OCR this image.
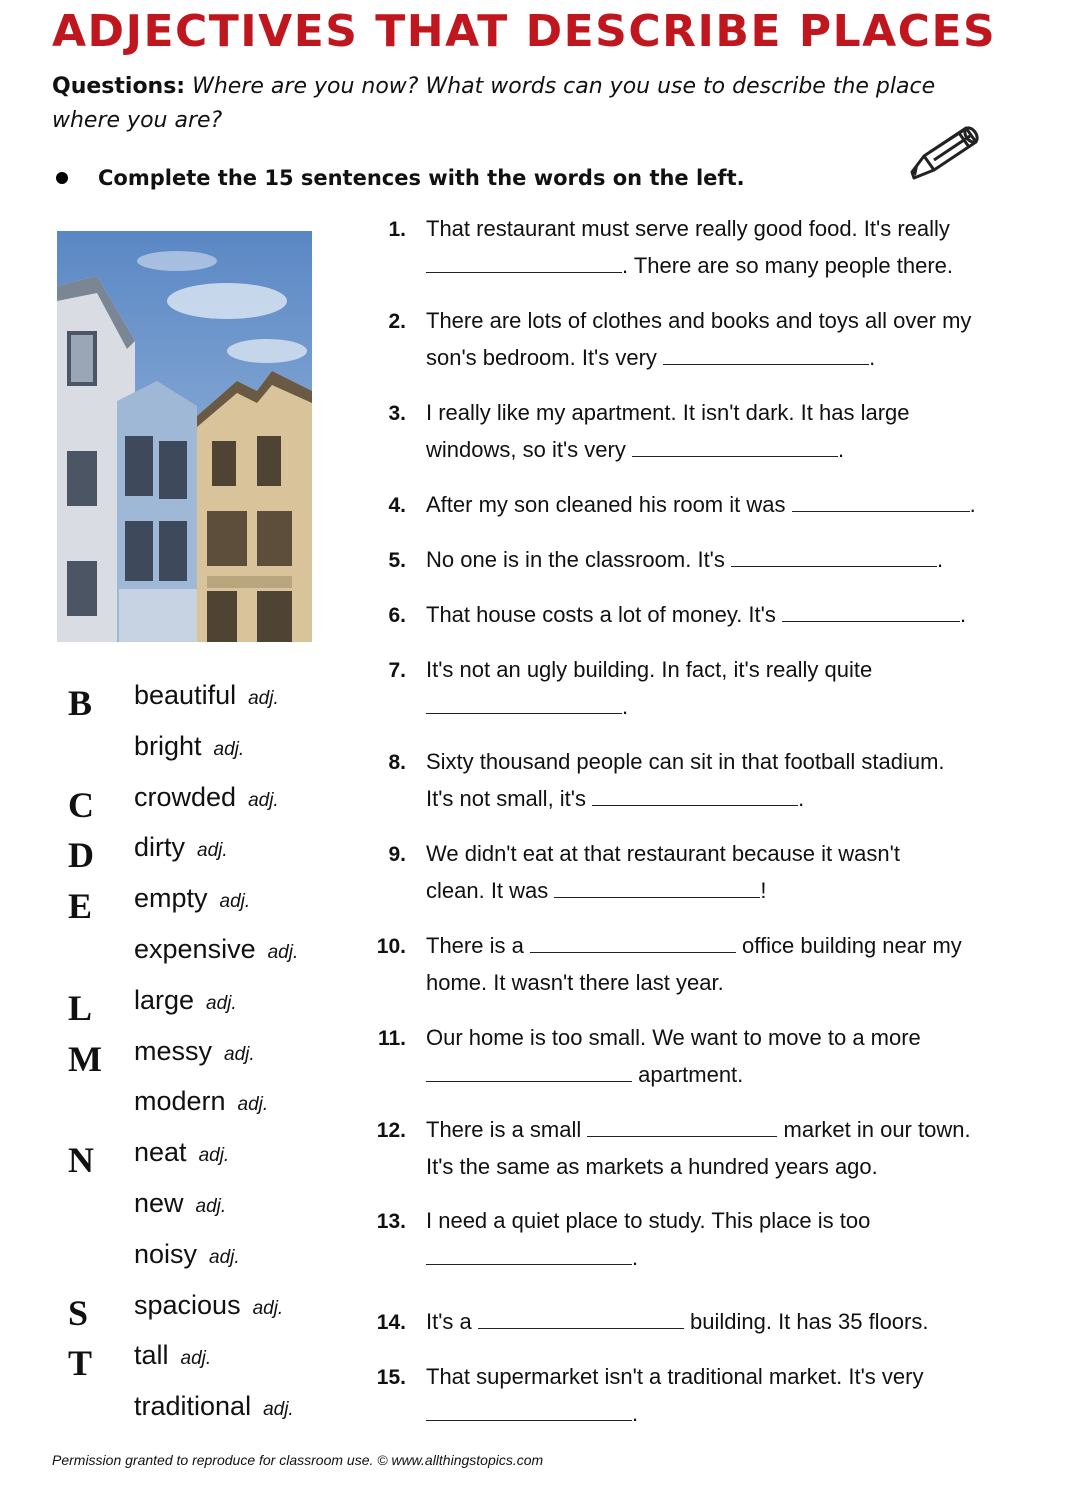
ADJECTIVES THAT DESCRIBE PLACES
Questions: Where are you now? What words can you use to describe the place where you are?
Complete the 15 sentences with the words on the left.
B beautiful adj.
bright adj.
C crowded adj.
D dirty adj.
E empty adj.
expensive adj.
L large adj.
M messy adj.
modern adj.
N neat adj.
new adj.
noisy adj.
S spacious adj.
T tall adj.
traditional adj.
1. That restaurant must serve really good food. It's really
. There are so many people there.
2. There are lots of clothes and books and toys all over my
son's bedroom. It's very	.
3. I really like my apartment. It isn't dark. It has large
windows, so it's very	.
4. After my son cleaned his room it was	.
5. No one is in the classroom. It's	.
6. That house costs a lot of money. It's	.
7. It's not an ugly building. In fact, it's really quite
.
8. Sixty thousand people can sit in that football stadium.
It's not small, it's	.
9. We didn't eat at that restaurant because it wasn't
clean. It was	!
10. There is a	office building near my
home. It wasn't there last year.
11. Our home is too small. We want to move to a more
apartment.
12. There is a small	market in our town.
It's the same as markets a hundred years ago.
13. I need a quiet place to study. This place is too
.
14. It's a	building. It has 35 floors.
15. That supermarket isn't a traditional market. It's very
.
Permission granted to reproduce for classroom use. © www.allthingstopics.com
